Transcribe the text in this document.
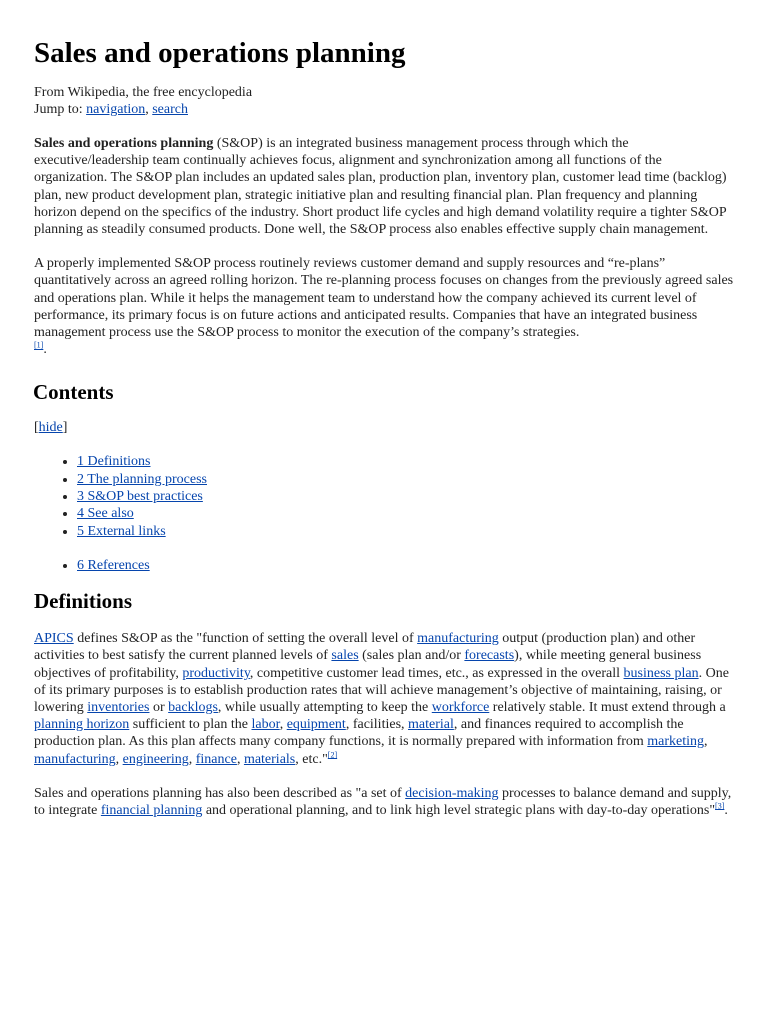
Sales and operations planning
From Wikipedia, the free encyclopedia
Jump to: navigation, search

Sales and operations planning (S&OP) is an integrated business management process through which the executive/leadership team continually achieves focus, alignment and synchronization among all functions of the organization. The S&OP plan includes an updated sales plan, production plan, inventory plan, customer lead time (backlog) plan, new product development plan, strategic initiative plan and resulting financial plan. Plan frequency and planning horizon depend on the specifics of the industry. Short product life cycles and high demand volatility require a tighter S&OP planning as steadily consumed products. Done well, the S&OP process also enables effective supply chain management.

A properly implemented S&OP process routinely reviews customer demand and supply resources and “re-plans” quantitatively across an agreed rolling horizon. The re-planning process focuses on changes from the previously agreed sales and operations plan. While it helps the management team to understand how the company achieved its current level of performance, its primary focus is on future actions and anticipated results. Companies that have an integrated business management process use the S&OP process to monitor the execution of the company’s strategies.
[1].

Contents
[hide]
• 1 Definitions
• 2 The planning process
• 3 S&OP best practices
• 4 See also
• 5 External links
• 6 References
Definitions

APICS defines S&OP as the "function of setting the overall level of manufacturing output (production plan) and other activities to best satisfy the current planned levels of sales (sales plan and/or forecasts), while meeting general business objectives of profitability, productivity, competitive customer lead times, etc., as expressed in the overall business plan. One of its primary purposes is to establish production rates that will achieve management’s objective of maintaining, raising, or lowering inventories or backlogs, while usually attempting to keep the workforce relatively stable. It must extend through a planning horizon sufficient to plan the labor, equipment, facilities, material, and finances required to accomplish the production plan. As this plan affects many company functions, it is normally prepared with information from marketing, manufacturing, engineering, finance, materials, etc."[2]

Sales and operations planning has also been described as "a set of decision-making processes to balance demand and supply, to integrate financial planning and operational planning, and to link high level strategic plans with day-to-day operations"[3].
